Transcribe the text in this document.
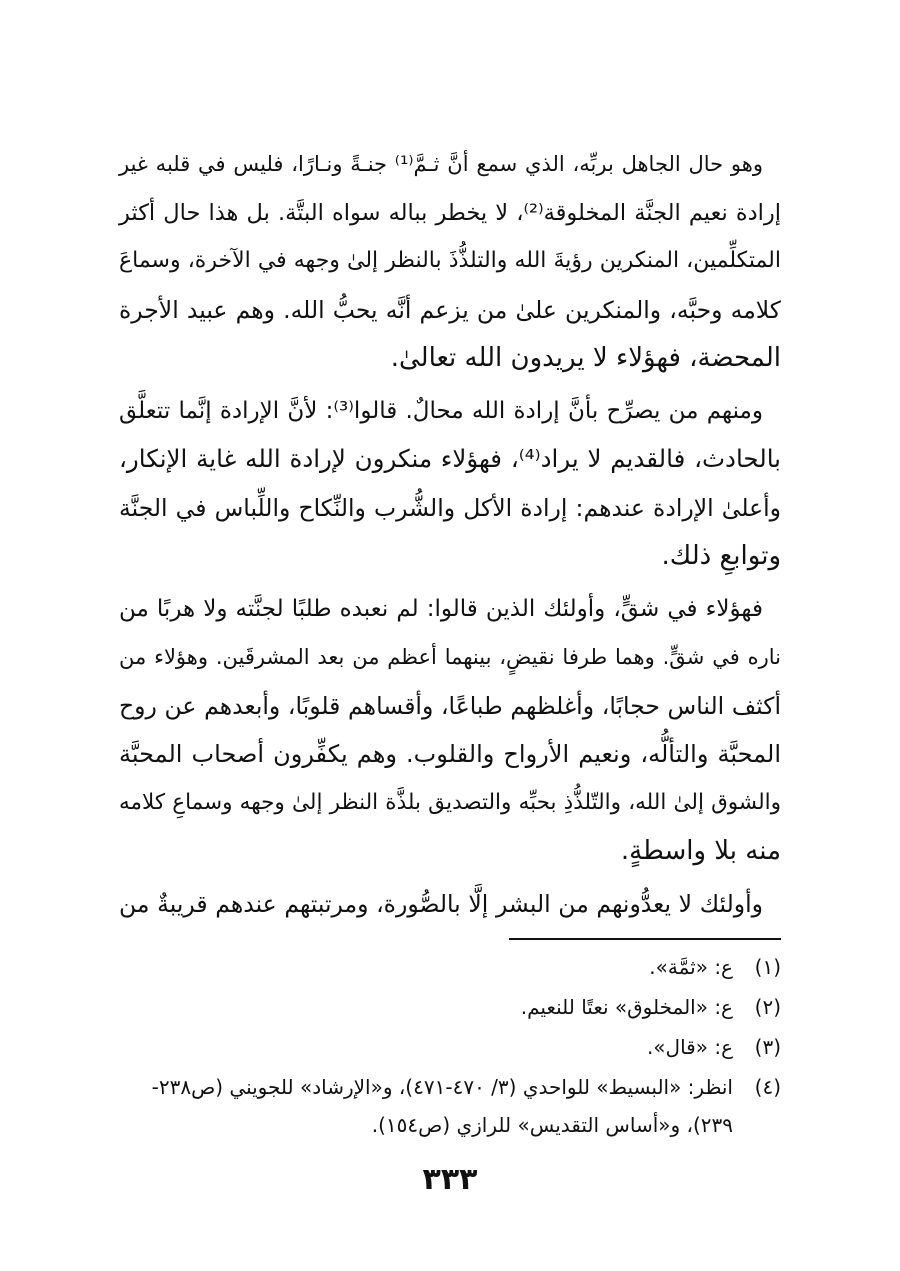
وهو حال الجاهل بربِّه، الذي سمع أنَّ ثـمَّ⁽¹⁾ جنـةً ونـارًا، فليس في قلبه غير
إرادة نعيم الجنَّة المخلوقة⁽²⁾، لا يخطر بباله سواه البتَّة. بل هذا حال أكثر
المتكلِّمين، المنكرين رؤيةَ الله والتلذُّذَ بالنظر إلىٰ وجهه في الآخرة، وسماعَ
كلامه وحبَّه، والمنكرين علىٰ من يزعم أنَّه يحبُّ الله. وهم عبيد الأجرة
المحضة، فهؤلاء لا يريدون الله تعالىٰ.

ومنهم من يصرِّح بأنَّ إرادة الله محالٌ. قالوا⁽³⁾: لأنَّ الإرادة إنَّما تتعلَّق
بالحادث، فالقديم لا يراد⁽⁴⁾، فهؤلاء منكرون لإرادة الله غاية الإنكار،
وأعلىٰ الإرادة عندهم: إرادة الأكل والشُّرب والنِّكاح واللِّباس في الجنَّة
وتوابعِ ذلك.

فهؤلاء في شقٍّ، وأولئك الذين قالوا: لم نعبده طلبًا لجنَّته ولا هربًا من
ناره في شقٍّ. وهما طرفا نقيضٍ، بينهما أعظم من بعد المشرقَين. وهؤلاء من
أكثف الناس حجابًا، وأغلظهم طباعًا، وأقساهم قلوبًا، وأبعدهم عن روح
المحبَّة والتألُّه، ونعيم الأرواح والقلوب. وهم يكفِّرون أصحاب المحبَّة
والشوق إلىٰ الله، والتّلذُّذِ بحبِّه والتصديق بلذَّة النظر إلىٰ وجهه وسماعِ كلامه
منه بلا واسطةٍ.

وأولئك لا يعدُّونهم من البشر إلَّا بالصُّورة، ومرتبتهم عندهم قريبةٌ من

(١)
ع: «ثمَّة».
(٢)
ع: «المخلوق» نعتًا للنعيم.
(٣)
ع: «قال».
(٤)
انظر: «البسيط» للواحدي (٣/ ٤٧٠-٤٧١)، و«الإرشاد» للجويني (ص٢٣٨-
٢٣٩)، و«أساس التقديس» للرازي (ص١٥٤).
٣٣٣
